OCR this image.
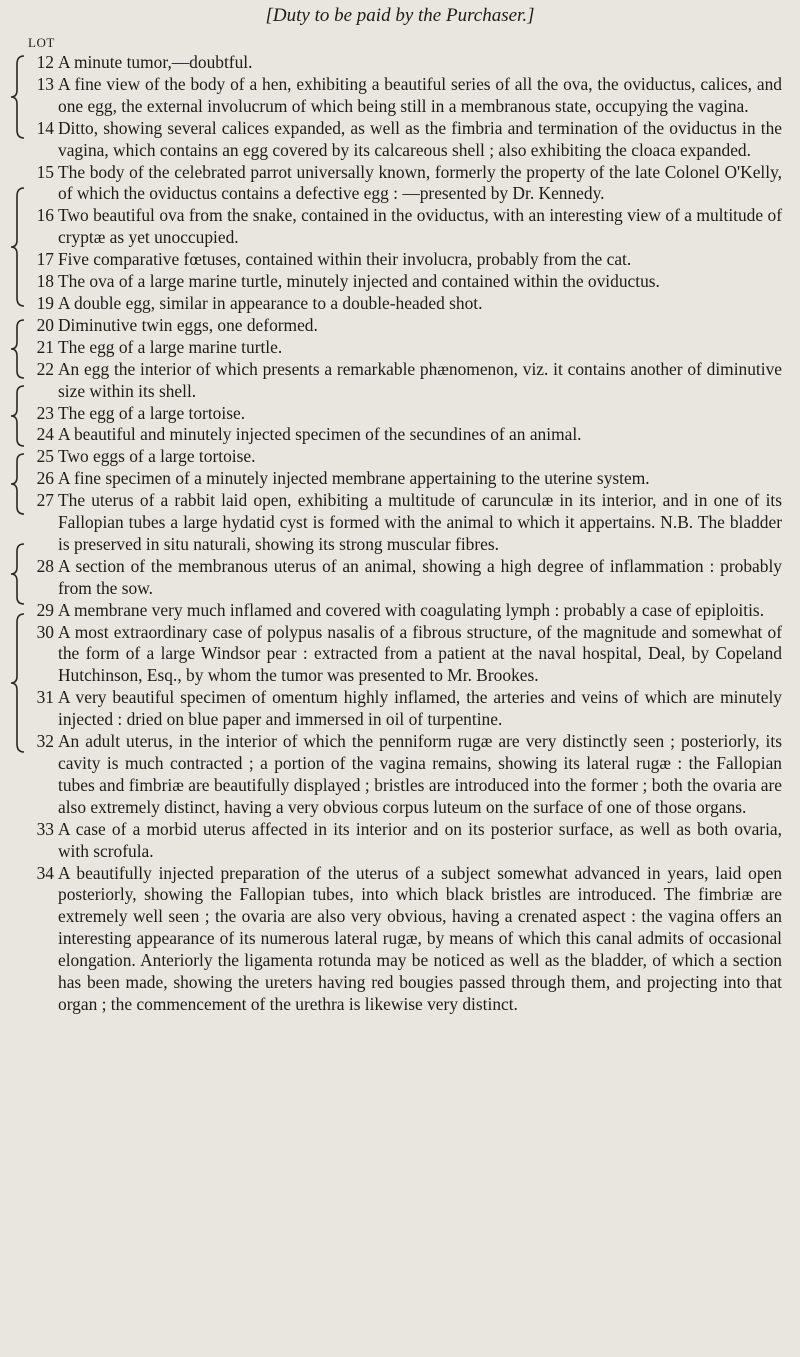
[Duty to be paid by the Purchaser.]
LOT
12 A minute tumor,—doubtful.

13 A fine view of the body of a hen, exhibiting a beautiful series of all the ova, the oviductus, calices, and one egg, the external involucrum of which being still in a membranous state, occupying the vagina.

14 Ditto, showing several calices expanded, as well as the fimbria and termination of the oviductus in the vagina, which contains an egg covered by its calcareous shell ; also exhibiting the cloaca expanded.

15 The body of the celebrated parrot universally known, formerly the property of the late Colonel O'Kelly, of which the oviductus contains a defective egg : —presented by Dr. Kennedy.

16 Two beautiful ova from the snake, contained in the oviductus, with an interesting view of a multitude of cryptæ as yet unoccupied.

17 Five comparative fœtuses, contained within their involucra, probably from the cat.

18 The ova of a large marine turtle, minutely injected and contained within the oviductus.

19 A double egg, similar in appearance to a double-headed shot.

20 Diminutive twin eggs, one deformed.

21 The egg of a large marine turtle.

22 An egg the interior of which presents a remarkable phænomenon, viz. it contains another of diminutive size within its shell.

23 The egg of a large tortoise.

24 A beautiful and minutely injected specimen of the secundines of an animal.

25 Two eggs of a large tortoise.

26 A fine specimen of a minutely injected membrane appertaining to the uterine system.

27 The uterus of a rabbit laid open, exhibiting a multitude of carunculæ in its interior, and in one of its Fallopian tubes a large hydatid cyst is formed with the animal to which it appertains. N.B. The bladder is preserved in situ naturali, showing its strong muscular fibres.

28 A section of the membranous uterus of an animal, showing a high degree of inflammation : probably from the sow.

29 A membrane very much inflamed and covered with coagulating lymph : probably a case of epiploitis.

30 A most extraordinary case of polypus nasalis of a fibrous structure, of the magnitude and somewhat of the form of a large Windsor pear : extracted from a patient at the naval hospital, Deal, by Copeland Hutchinson, Esq., by whom the tumor was presented to Mr. Brookes.

31 A very beautiful specimen of omentum highly inflamed, the arteries and veins of which are minutely injected : dried on blue paper and immersed in oil of turpentine.

32 An adult uterus, in the interior of which the penniform rugæ are very distinctly seen ; posteriorly, its cavity is much contracted ; a portion of the vagina remains, showing its lateral rugæ : the Fallopian tubes and fimbriæ are beautifully displayed ; bristles are introduced into the former ; both the ovaria are also extremely distinct, having a very obvious corpus luteum on the surface of one of those organs.

33 A case of a morbid uterus affected in its interior and on its posterior surface, as well as both ovaria, with scrofula.

34 A beautifully injected preparation of the uterus of a subject somewhat advanced in years, laid open posteriorly, showing the Fallopian tubes, into which black bristles are introduced. The fimbriæ are extremely well seen ; the ovaria are also very obvious, having a crenated aspect : the vagina offers an interesting appearance of its numerous lateral rugæ, by means of which this canal admits of occasional elongation. Anteriorly the ligamenta rotunda may be noticed as well as the bladder, of which a section has been made, showing the ureters having red bougies passed through them, and projecting into that organ ; the commencement of the urethra is likewise very distinct.
